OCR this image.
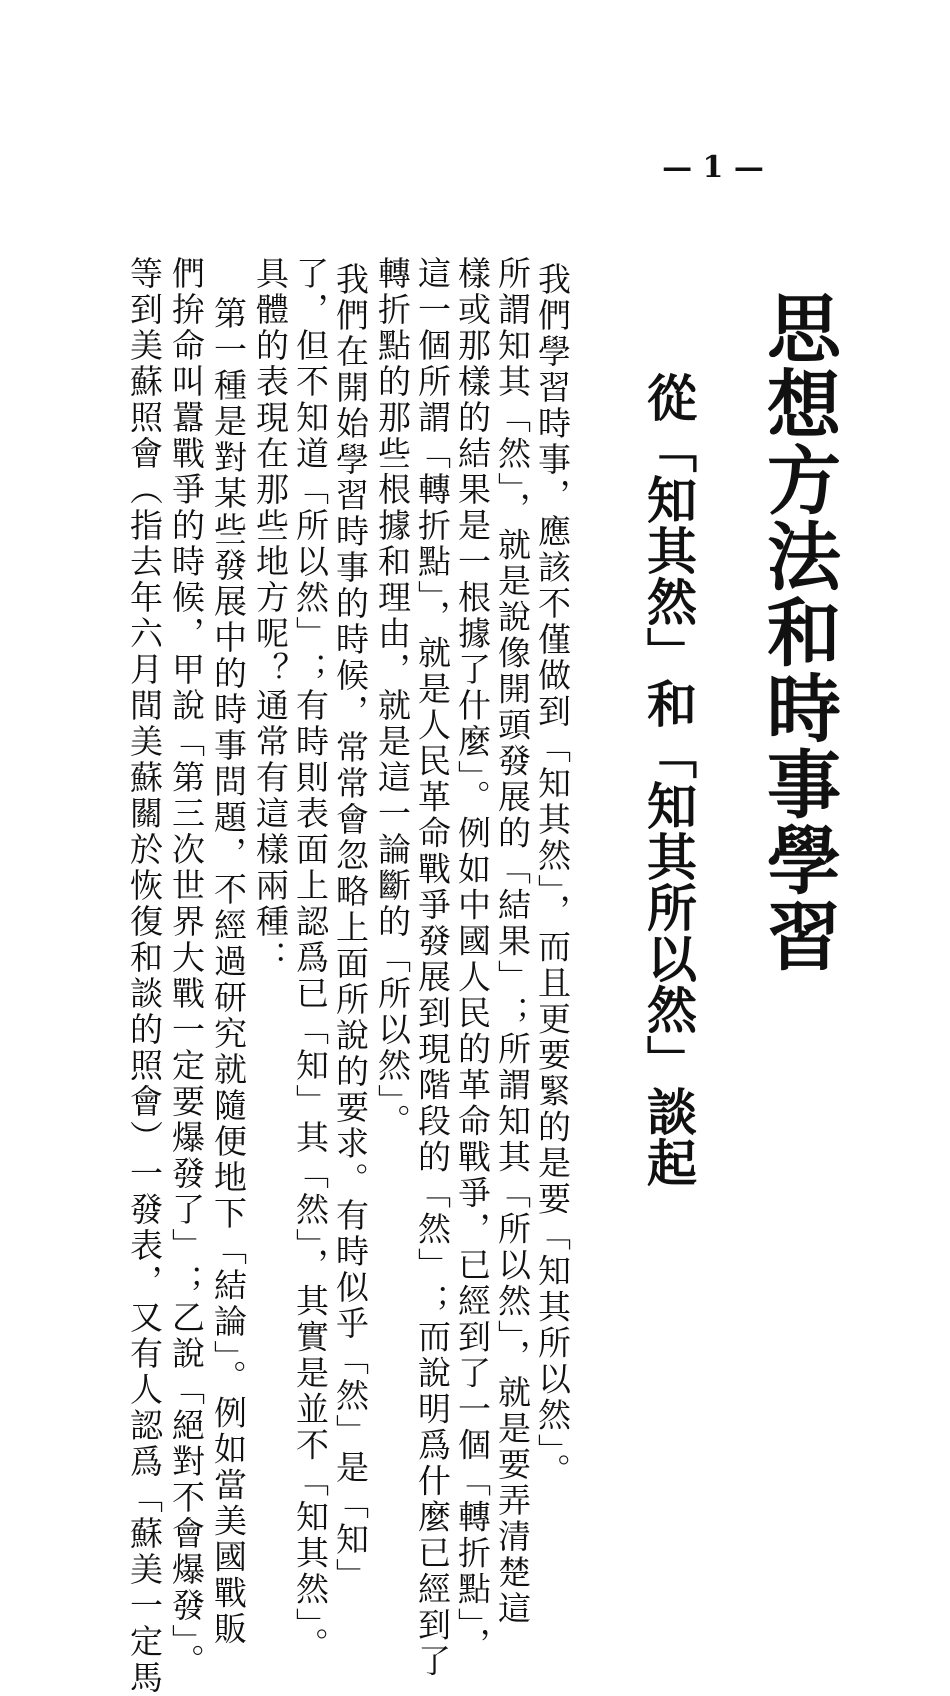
— 1 —
思想方法和時事學習
從「知其然」和「知其所以然」談起
我們學習時事，應該不僅做到「知其然」，而且更要緊的是要「知其所以然」。
所謂知其「然」，就是說像開頭發展的「結果」；所謂知其「所以然」，就是要弄清楚這
樣或那樣的結果是一根據了什麼」。例如中國人民的革命戰爭，已經到了一個「轉折點」，
這一個所謂「轉折點」，就是人民革命戰爭發展到現階段的「然」；而說明爲什麼已經到了
轉折點的那些根據和理由，就是這一論斷的「所以然」。
我們在開始學習時事的時候，常常會忽略上面所說的要求。有時似乎「然」是「知」
了，但不知道「所以然」；有時則表面上認爲已「知」其「然」，其實是並不「知其然」。
具體的表現在那些地方呢？通常有這樣兩種：
第一種是對某些發展中的時事問題，不經過研究就隨便地下「結論」。例如當美國戰販
們拚命叫囂戰爭的時候，甲說「第三次世界大戰一定要爆發了」；乙說「絕對不會爆發」。
等到美蘇照會（指去年六月間美蘇關於恢復和談的照會）一發表，又有人認爲「蘇美一定馬
